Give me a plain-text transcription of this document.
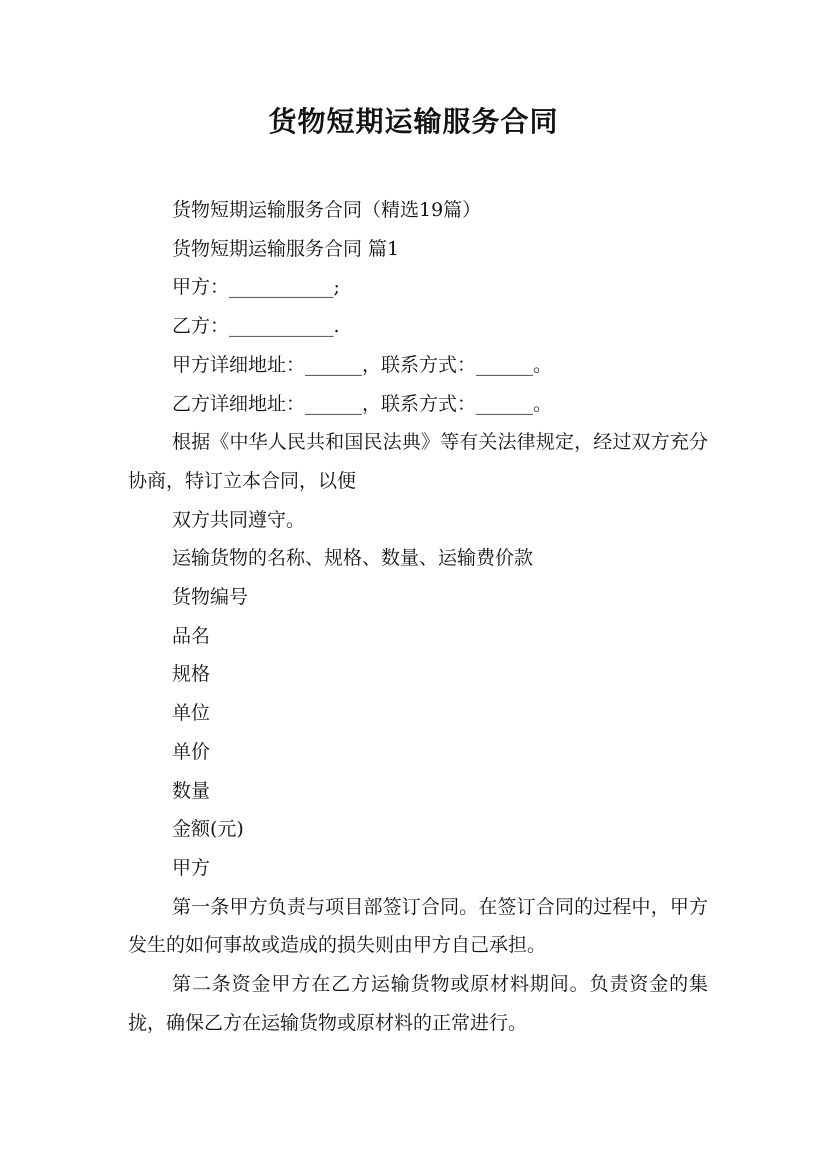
货物短期运输服务合同

货物短期运输服务合同（精选19篇）

货物短期运输服务合同 篇1

甲方：___________;

乙方：___________.

甲方详细地址：______，联系方式：______。

乙方详细地址：______，联系方式：______。

根据《中华人民共和国民法典》等有关法律规定，经过双方充分协商，特订立本合同，以便

双方共同遵守。

运输货物的名称、规格、数量、运输费价款

货物编号

品名

规格

单位

单价

数量

金额(元)

甲方

第一条甲方负责与项目部签订合同。在签订合同的过程中，甲方发生的如何事故或造成的损失则由甲方自己承担。

第二条资金甲方在乙方运输货物或原材料期间。负责资金的集拢，确保乙方在运输货物或原材料的正常进行。
